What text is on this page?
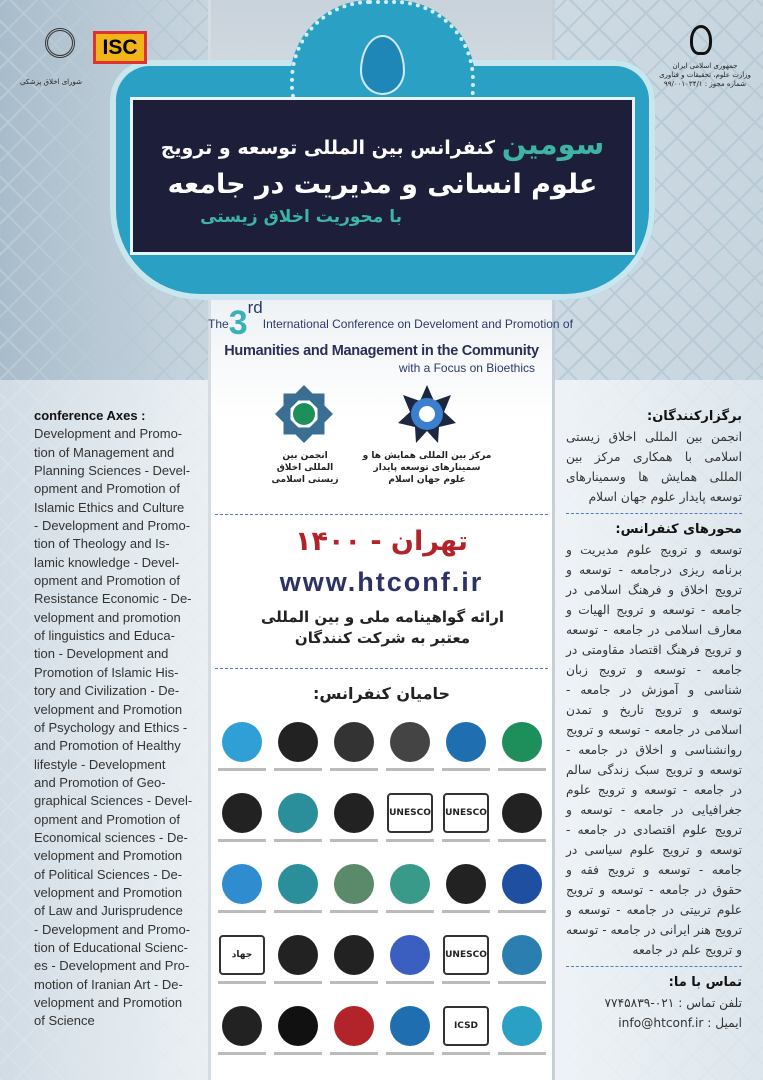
شورای اخلاق پزشکی
ISC
جمهوری اسلامی ایران
وزارت علوم، تحقیقات و فناوری
شماره مجوز : ۹۹/۰۰۱۰۳۴/۱
سومین کنفرانس بین المللی توسعه و ترویج
علوم انسانی و مدیریت در جامعه
با محوریت اخلاق زیستی
The3rdInternational Conference on Develoment and Promotion of
Humanities and Management in the Community
with a Focus on Bioethics
انجمن بین المللی اخلاق زیستی اسلامی
مرکز بین المللی همایش ها و سمینارهای توسعه پایدار علوم جهان اسلام
تهران - ۱۴۰۰
www.htconf.ir
ارائه گواهینامه ملی و بین المللی معتبر به شرکت کنندگان
حامیان کنفرانس:
UNESCO UNESCO
جهاد	UNESCO
ICSD
conference Axes :
Development and Promo-
tion of Management and
Planning Sciences - Devel-
opment and Promotion of
Islamic Ethics and Culture
- Development and Promo-
tion of Theology and Is-
lamic knowledge - Devel-
opment and Promotion of
Resistance Economic - De-
velopment and promotion
of linguistics and Educa-
tion - Development and
Promotion of Islamic His-
tory and Civilization - De-
velopment and Promotion
of Psychology and Ethics -
and Promotion of Healthy
lifestyle - Development
and Promotion of Geo-
graphical Sciences - Devel-
opment and Promotion of
Economical sciences - De-
velopment and Promotion
of Political Sciences - De-
velopment and Promotion
of Law and Jurisprudence
- Development and Promo-
tion of Educational Scienc-
es - Development and Pro-
motion of Iranian Art - De-
velopment and Promotion
of Science
برگزارکنندگان:
انجمن بین المللی اخلاق زیستی اسلامی با همکاری مرکز بین المللی همایش ها وسمینارهای توسعه پایدار علوم جهان اسلام
محورهای کنفرانس:
توسعه و ترویج علوم مدیریت و برنامه ریزی درجامعه - توسعه و ترویج اخلاق و فرهنگ اسلامی در جامعه - توسعه و ترویج الهیات و معارف اسلامی در جامعه - توسعه و ترویج فرهنگ اقتصاد مقاومتی در جامعه - توسعه و ترویج زبان شناسی و آموزش در جامعه - توسعه و ترویج تاریخ و تمدن اسلامی در جامعه - توسعه و ترویج روانشناسی و اخلاق در جامعه - توسعه و ترویج سبک زندگی سالم در جامعه - توسعه و ترویج علوم جغرافیایی در جامعه - توسعه و ترویج علوم اقتصادی در جامعه - توسعه و ترویج علوم سیاسی در جامعه - توسعه و ترویج فقه و حقوق در جامعه - توسعه و ترویج علوم تربیتی در جامعه - توسعه و ترویج هنر ایرانی در جامعه - توسعه و ترویج علم در جامعه
تماس با ما:
تلفن تماس : ۰۲۱-۷۷۴۵۸۳۹
ایمیل : info@htconf.ir
